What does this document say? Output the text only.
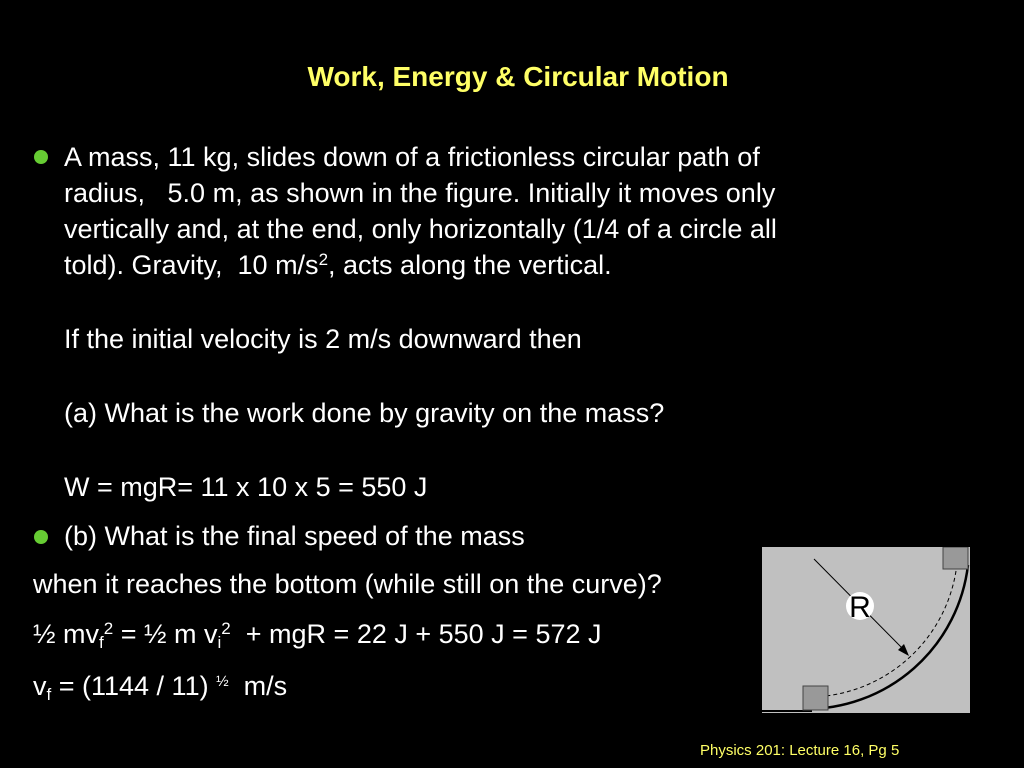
Work, Energy & Circular Motion
A mass, 11 kg, slides down of a frictionless circular path of
radius,   5.0 m, as shown in the figure. Initially it moves only
vertically and, at the end, only horizontally (1/4 of a circle all
told). Gravity,  10 $m/s^2$, acts along the vertical.
If the initial velocity is 2 m/s downward then
(a) What is the work done by gravity on the mass?
W = mgR= 11 x 10 x 5 = 550 J
(b) What is the final speed of the mass
when it reaches the bottom (while still on the curve)?
½ $mv_f^2$ = ½ m $v_i^2$  + mgR = 22 J + 550 J = 572 J
$v_f = (1144 / 11)$ $^{\frac{1}{2}}$  m/s
R
Physics 201: Lecture 16, Pg 5
